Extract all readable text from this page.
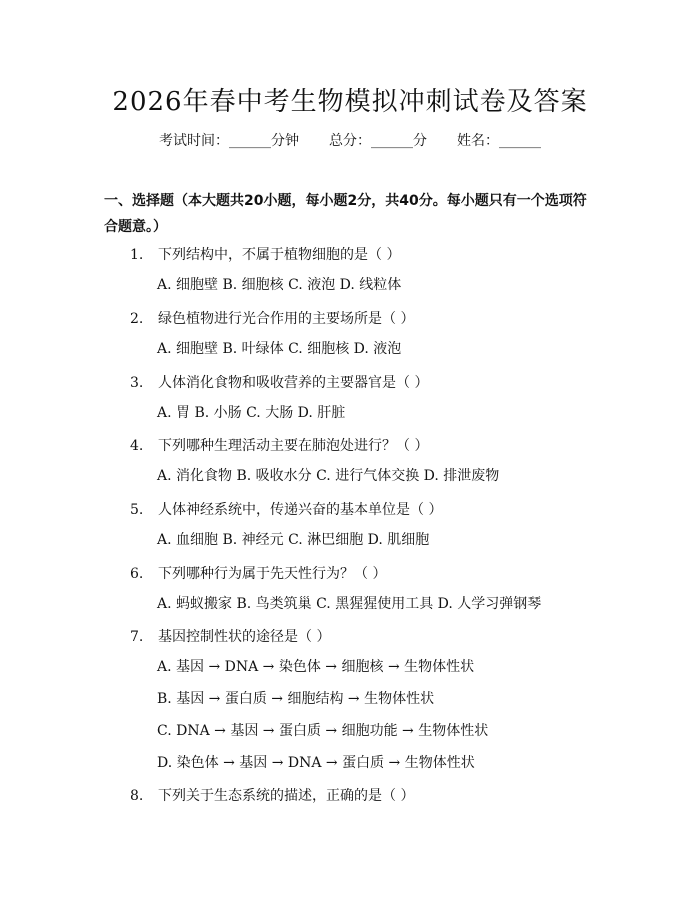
2026年春中考生物模拟冲刺试卷及答案
考试时间：______分钟 总分：______分 姓名：______
一、选择题（本大题共20小题，每小题2分，共40分。每小题只有一个选项符合题意。）
1. 下列结构中，不属于植物细胞的是（ ）
A. 细胞壁 B. 细胞核 C. 液泡 D. 线粒体
2. 绿色植物进行光合作用的主要场所是（ ）
A. 细胞壁 B. 叶绿体 C. 细胞核 D. 液泡
3. 人体消化食物和吸收营养的主要器官是（ ）
A. 胃 B. 小肠 C. 大肠 D. 肝脏
4. 下列哪种生理活动主要在肺泡处进行？（ ）
A. 消化食物 B. 吸收水分 C. 进行气体交换 D. 排泄废物
5. 人体神经系统中，传递兴奋的基本单位是（ ）
A. 血细胞 B. 神经元 C. 淋巴细胞 D. 肌细胞
6. 下列哪种行为属于先天性行为？（ ）
A. 蚂蚁搬家 B. 鸟类筑巢 C. 黑猩猩使用工具 D. 人学习弹钢琴
7. 基因控制性状的途径是（ ）
A. 基因 → DNA → 染色体 → 细胞核 → 生物体性状
B. 基因 → 蛋白质 → 细胞结构 → 生物体性状
C. DNA → 基因 → 蛋白质 → 细胞功能 → 生物体性状
D. 染色体 → 基因 → DNA → 蛋白质 → 生物体性状
8. 下列关于生态系统的描述，正确的是（ ）
